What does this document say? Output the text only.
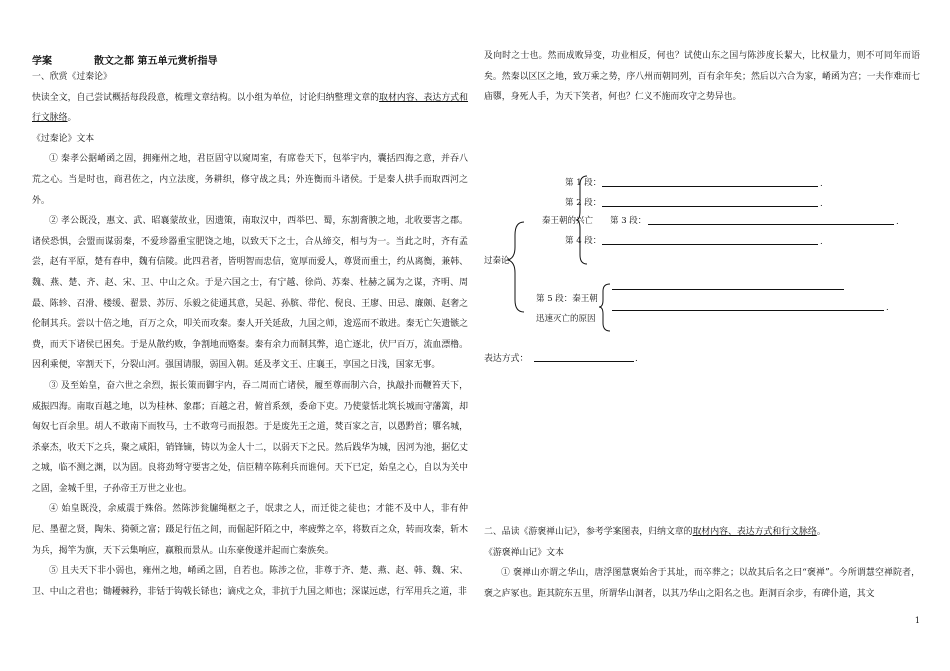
学案	散文之都 第五单元赏析指导

一、欣赏《过秦论》

快读全文，自己尝试概括每段段意，梳理文章结构。以小组为单位，讨论归纳整理文章的取材内容、表达方式和行文脉络。

《过秦论》文本

① 秦孝公据崤函之固，拥雍州之地，君臣固守以窥周室，有席卷天下，包举宇内，囊括四海之意，并吞八荒之心。当是时也，商君佐之，内立法度，务耕织，修守战之具；外连衡而斗诸侯。于是秦人拱手而取西河之外。

② 孝公既没，惠文、武、昭襄蒙故业，因遗策，南取汉中，西举巴、蜀，东割膏腴之地，北收要害之郡。诸侯恐惧，会盟而谋弱秦，不爱珍器重宝肥饶之地，以致天下之士，合从缔交，相与为一。当此之时，齐有孟尝，赵有平原，楚有春申，魏有信陵。此四君者，皆明智而忠信，宽厚而爱人，尊贤而重士，约从离衡，兼韩、魏、燕、楚、齐、赵、宋、卫、中山之众。于是六国之士，有宁越、徐尚、苏秦、杜赫之属为之谋，齐明、周最、陈轸、召滑、楼缓、翟景、苏厉、乐毅之徒通其意，吴起、孙膑、带佗、倪良、王廖、田忌、廉颇、赵奢之伦制其兵。尝以十倍之地，百万之众，叩关而攻秦。秦人开关延敌，九国之师，逡巡而不敢进。秦无亡矢遗镞之费，而天下诸侯已困矣。于是从散约败，争割地而赂秦。秦有余力而制其弊，追亡逐北，伏尸百万，流血漂橹。因利乘便，宰割天下，分裂山河。强国请服，弱国入朝。延及孝文王、庄襄王，享国之日浅，国家无事。

③ 及至始皇，奋六世之余烈，振长策而御宇内，吞二周而亡诸侯，履至尊而制六合，执敲扑而鞭笞天下，威振四海。南取百越之地，以为桂林、象郡；百越之君，俯首系颈，委命下吏。乃使蒙恬北筑长城而守藩篱，却匈奴七百余里。胡人不敢南下而牧马，士不敢弯弓而报怨。于是废先王之道，焚百家之言，以愚黔首；隳名城，杀豪杰，收天下之兵，聚之咸阳，销锋镝，铸以为金人十二，以弱天下之民。然后践华为城，因河为池，据亿丈之城，临不测之渊，以为固。良将劲弩守要害之处，信臣精卒陈利兵而谁何。天下已定，始皇之心，自以为关中之固，金城千里，子孙帝王万世之业也。

④ 始皇既没，余威震于殊俗。然陈涉瓮牖绳枢之子，氓隶之人，而迁徙之徒也；才能不及中人，非有仲尼、墨翟之贤，陶朱、猗顿之富；蹑足行伍之间，而倔起阡陌之中，率疲弊之卒，将数百之众，转而攻秦，斩木为兵，揭竿为旗，天下云集响应，赢粮而景从。山东豪俊遂并起而亡秦族矣。

⑤ 且夫天下非小弱也，雍州之地，崤函之固，自若也。陈涉之位，非尊于齐、楚、燕、赵、韩、魏、宋、卫、中山之君也；锄耰棘矜，非铦于钩戟长铩也；谪戍之众，非抗于九国之师也；深谋远虑，行军用兵之道，非

及向时之士也。然而成败异变，功业相反，何也？试使山东之国与陈涉度长絜大，比权量力，则不可同年而语矣。然秦以区区之地，致万乘之势，序八州而朝同列，百有余年矣；然后以六合为家，崤函为宫；一夫作难而七庙隳，身死人手，为天下笑者，何也？仁义不施而攻守之势异也。

第 1 段：	.
第 2 段：	.
秦王朝的兴亡 第 3 段：	.
第 4 段：	.
过秦论
第 5 段：秦王朝
迅速灭亡的原因
.
表达方式：	.

二、品读《游褒禅山记》，参考学案图表，归纳文章的取材内容、表达方式和行文脉络。

《游褒禅山记》文本

① 褒禅山亦谓之华山，唐浮图慧褒始舍于其址，而卒葬之；以故其后名之曰“褒禅”。今所谓慧空禅院者，褒之庐冢也。距其院东五里，所谓华山洞者，以其乃华山之阳名之也。距洞百余步，有碑仆道，其文

1
